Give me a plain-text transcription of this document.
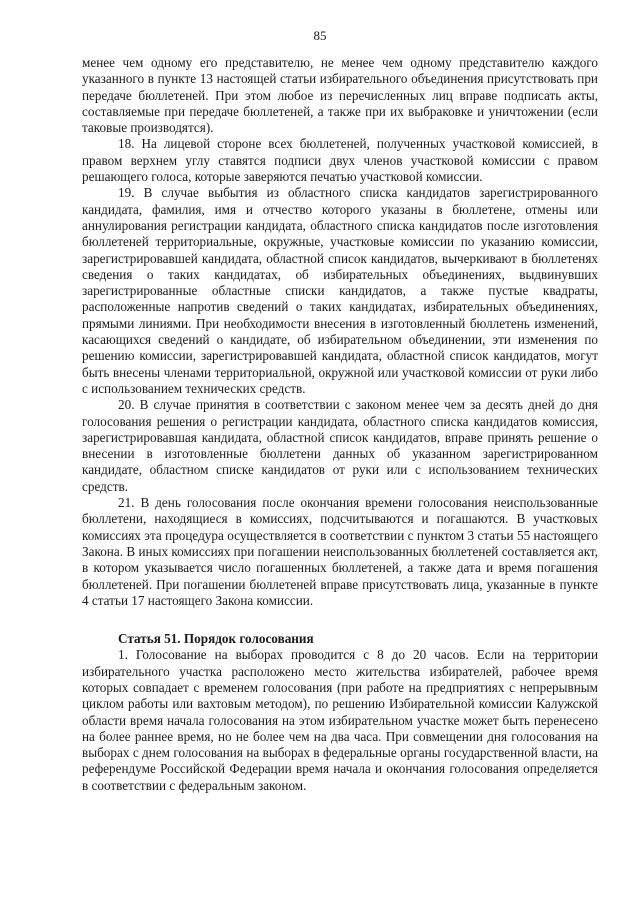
85

менее чем одному его представителю, не менее чем одному представителю каждого указанного в пункте 13 настоящей статьи избирательного объединения присутствовать при передаче бюллетеней. При этом любое из перечисленных лиц вправе подписать акты, составляемые при передаче бюллетеней, а также при их выбраковке и уничтожении (если таковые производятся).

18. На лицевой стороне всех бюллетеней, полученных участковой комиссией, в правом верхнем углу ставятся подписи двух членов участковой комиссии с правом решающего голоса, которые заверяются печатью участковой комиссии.

19. В случае выбытия из областного списка кандидатов зарегистрированного кандидата, фамилия, имя и отчество которого указаны в бюллетене, отмены или аннулирования регистрации кандидата, областного списка кандидатов после изготовления бюллетеней территориальные, окружные, участковые комиссии по указанию комиссии, зарегистрировавшей кандидата, областной список кандидатов, вычеркивают в бюллетенях сведения о таких кандидатах, об избирательных объединениях, выдвинувших зарегистрированные областные списки кандидатов, а также пустые квадраты, расположенные напротив сведений о таких кандидатах, избирательных объединениях, прямыми линиями. При необходимости внесения в изготовленный бюллетень изменений, касающихся сведений о кандидате, об избирательном объединении, эти изменения по решению комиссии, зарегистрировавшей кандидата, областной список кандидатов, могут быть внесены членами территориальной, окружной или участковой комиссии от руки либо с использованием технических средств.

20. В случае принятия в соответствии с законом менее чем за десять дней до дня голосования решения о регистрации кандидата, областного списка кандидатов комиссия, зарегистрировавшая кандидата, областной список кандидатов, вправе принять решение о внесении в изготовленные бюллетени данных об указанном зарегистрированном кандидате, областном списке кандидатов от руки или с использованием технических средств.

21. В день голосования после окончания времени голосования неиспользованные бюллетени, находящиеся в комиссиях, подсчитываются и погашаются. В участковых комиссиях эта процедура осуществляется в соответствии с пунктом 3 статьи 55 настоящего Закона. В иных комиссиях при погашении неиспользованных бюллетеней составляется акт, в котором указывается число погашенных бюллетеней, а также дата и время погашения бюллетеней. При погашении бюллетеней вправе присутствовать лица, указанные в пункте 4 статьи 17 настоящего Закона комиссии.

Статья 51. Порядок голосования

1. Голосование на выборах проводится с 8 до 20 часов. Если на территории избирательного участка расположено место жительства избирателей, рабочее время которых совпадает с временем голосования (при работе на предприятиях с непрерывным циклом работы или вахтовым методом), по решению Избирательной комиссии Калужской области время начала голосования на этом избирательном участке может быть перенесено на более раннее время, но не более чем на два часа. При совмещении дня голосования на выборах с днем голосования на выборах в федеральные органы государственной власти, на референдуме Российской Федерации время начала и окончания голосования определяется в соответствии с федеральным законом.
